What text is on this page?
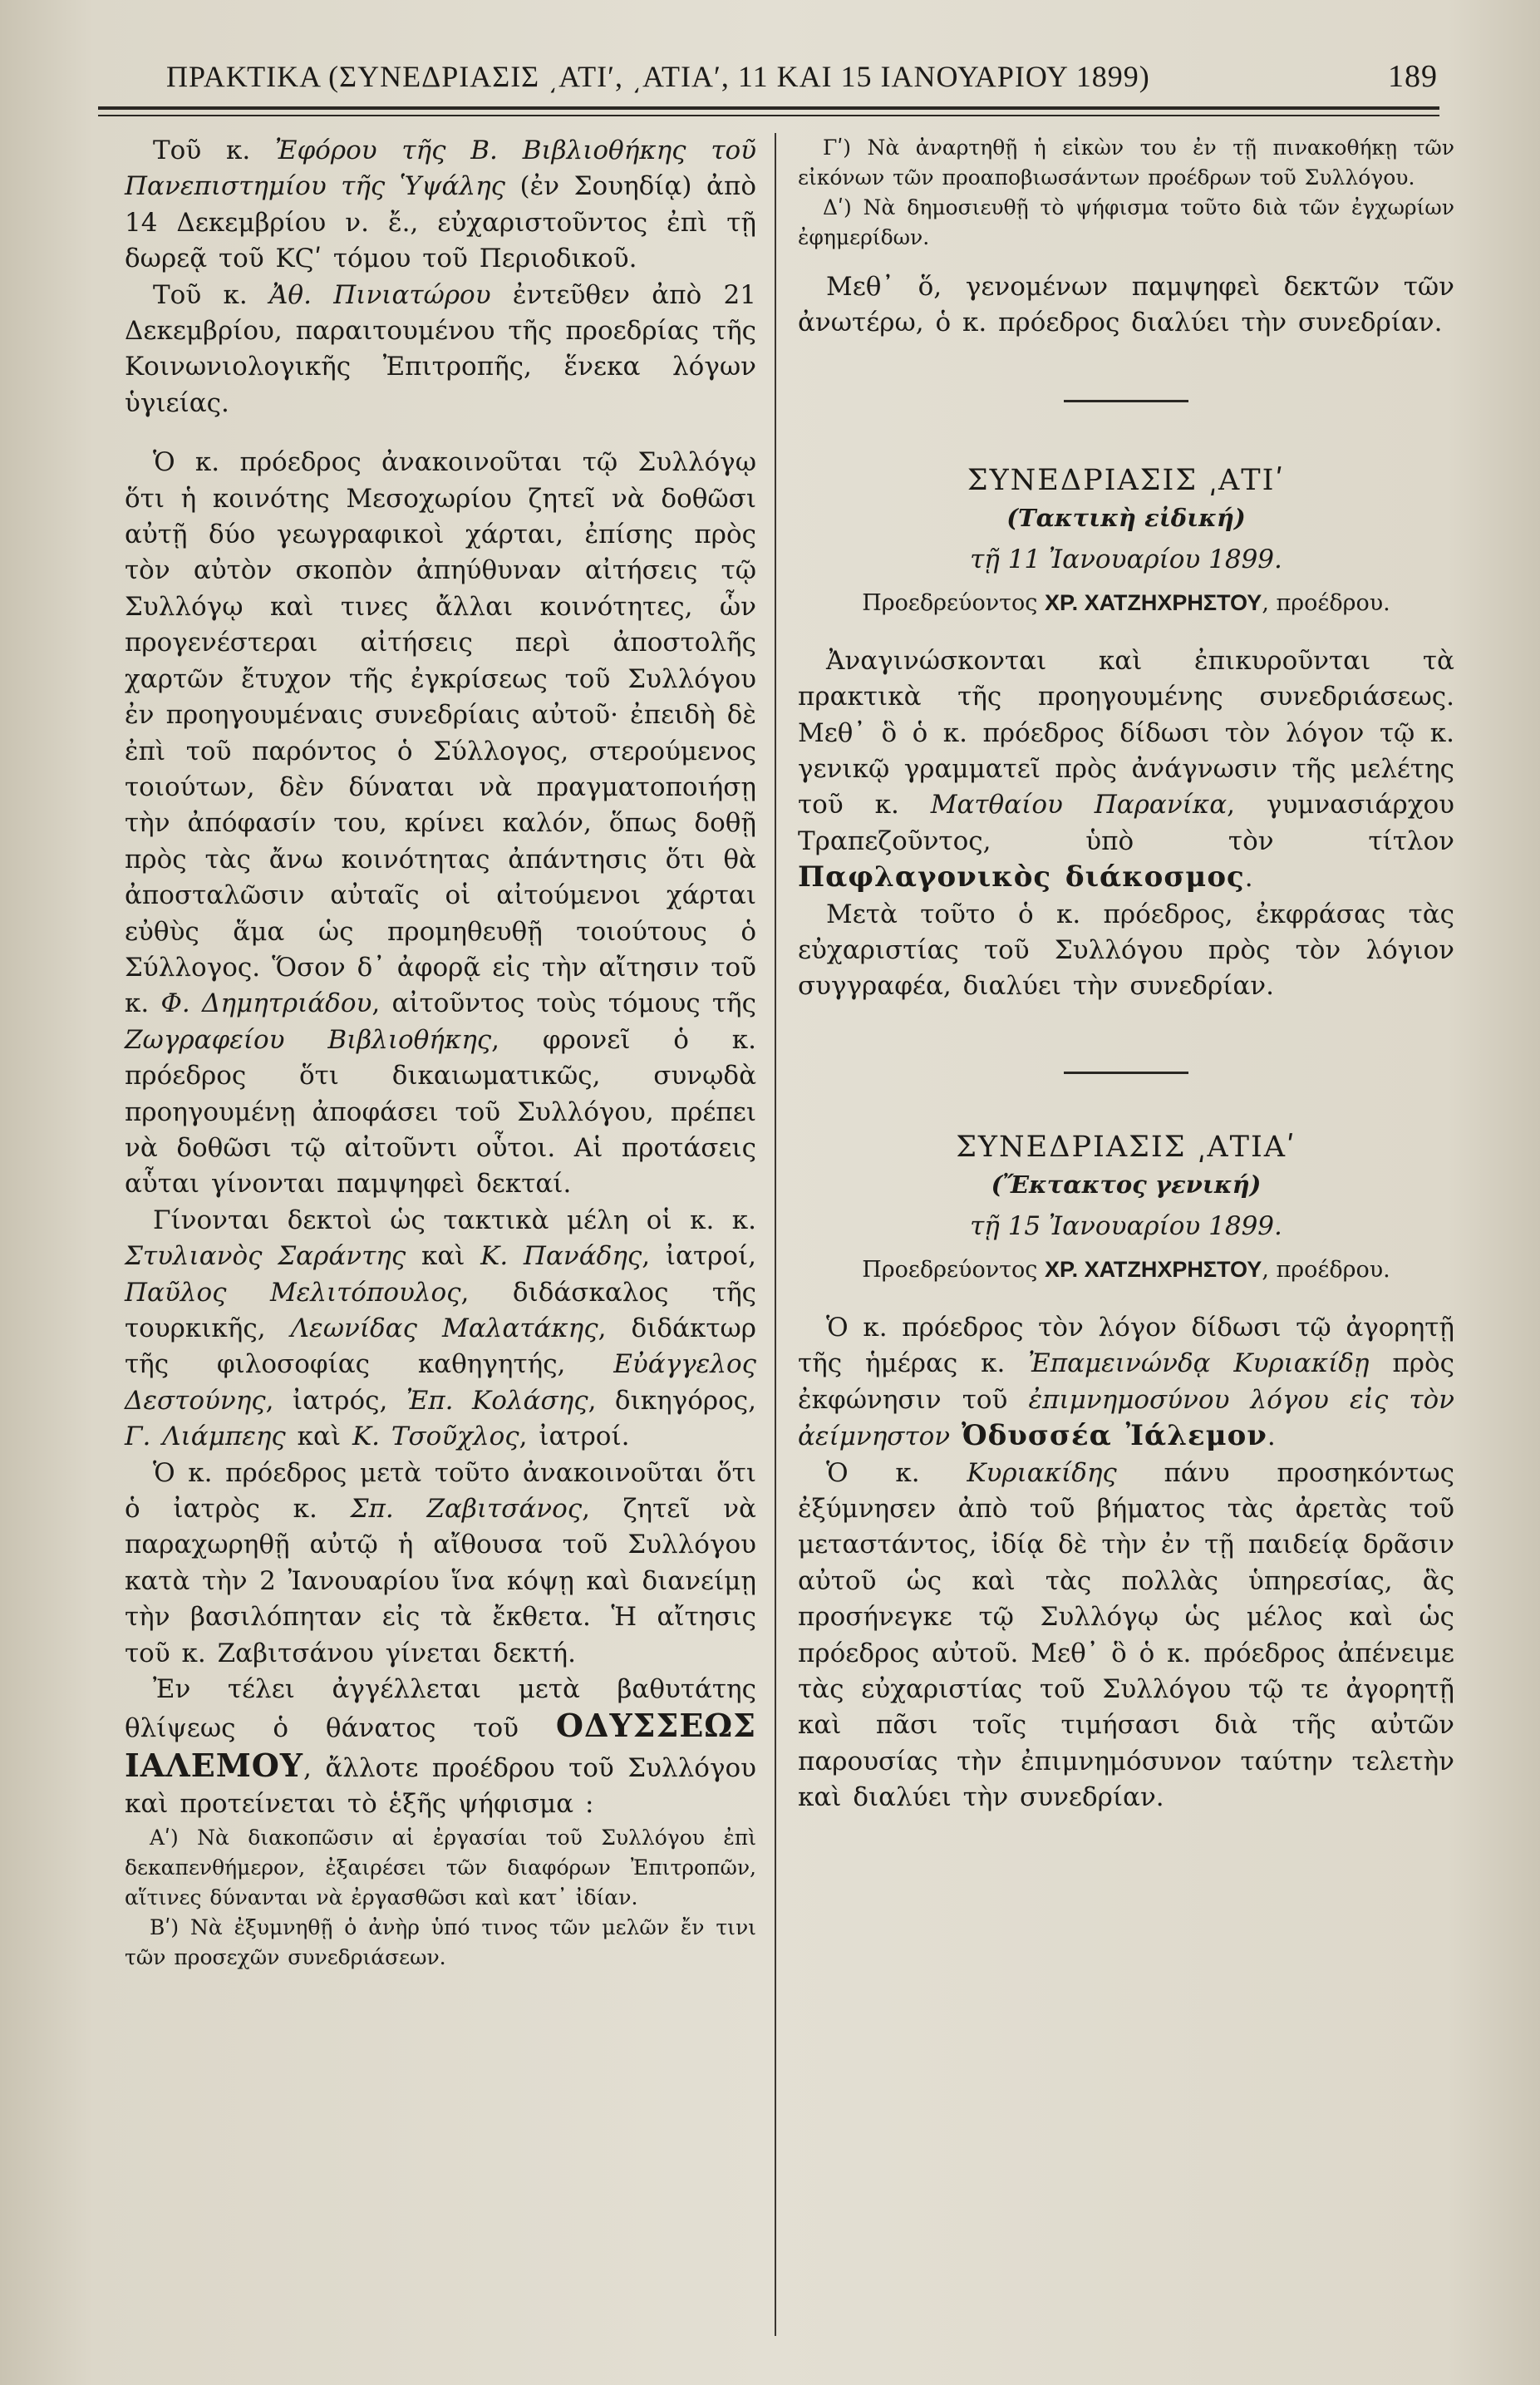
ΠΡΑΚΤΙΚΑ (ΣΥΝΕΔΡΙΑΣΙΣ ͵ΑΤΙʹ, ͵ΑΤΙΑʹ, 11 ΚΑΙ 15 ΙΑΝΟΥΑΡΙΟΥ 1899)	189

Τοῦ κ. Ἐφόρου τῆς Β. Βιβλιοθήκης τοῦ Πανεπιστημίου τῆς Ὑψάλης (ἐν Σουηδίᾳ) ἀπὸ 14 Δεκεμβρίου ν. ἔ., εὐχαριστοῦντος ἐπὶ τῇ δωρεᾷ τοῦ ΚϚʹ τόμου τοῦ Περιοδικοῦ.

Τοῦ κ. Ἀθ. Πινιατώρου ἐντεῦθεν ἀπὸ 21 Δεκεμβρίου, παραιτουμένου τῆς προεδρίας τῆς Κοινωνιολογικῆς Ἐπιτροπῆς, ἕνεκα λόγων ὑγιείας.

Ὁ κ. πρόεδρος ἀνακοινοῦται τῷ Συλλόγῳ ὅτι ἡ κοινότης Μεσοχωρίου ζητεῖ νὰ δοθῶσι αὐτῇ δύο γεωγραφικοὶ χάρται, ἐπίσης πρὸς τὸν αὐτὸν σκοπὸν ἀπηύθυναν αἰτήσεις τῷ Συλλόγῳ καὶ τινες ἄλλαι κοινότητες, ὧν προγενέστεραι αἰτήσεις περὶ ἀποστολῆς χαρτῶν ἔτυχον τῆς ἐγκρίσεως τοῦ Συλλόγου ἐν προηγουμέναις συνεδρίαις αὐτοῦ· ἐπειδὴ δὲ ἐπὶ τοῦ παρόντος ὁ Σύλλογος, στερούμενος τοιούτων, δὲν δύναται νὰ πραγματοποιήσῃ τὴν ἀπόφασίν του, κρίνει καλόν, ὅπως δοθῇ πρὸς τὰς ἄνω κοινότητας ἀπάντησις ὅτι θὰ ἀποσταλῶσιν αὐταῖς οἱ αἰτούμενοι χάρται εὐθὺς ἅμα ὡς προμηθευθῇ τοιούτους ὁ Σύλλογος. Ὅσον δ᾽ ἀφορᾷ εἰς τὴν αἴτησιν τοῦ κ. Φ. Δημητριάδου, αἰτοῦντος τοὺς τόμους τῆς Ζωγραφείου Βιβλιοθήκης, φρονεῖ ὁ κ. πρόεδρος ὅτι δικαιωματικῶς, συνῳδὰ προηγουμένῃ ἀποφάσει τοῦ Συλλόγου, πρέπει νὰ δοθῶσι τῷ αἰτοῦντι οὗτοι. Αἱ προτάσεις αὗται γίνονται παμψηφεὶ δεκταί.

Γίνονται δεκτοὶ ὡς τακτικὰ μέλη οἱ κ. κ. Στυλιανὸς Σαράντης καὶ Κ. Πανάδης, ἰατροί, Παῦλος Μελιτόπουλος, διδάσκαλος τῆς τουρκικῆς, Λεωνίδας Μαλατάκης, διδάκτωρ τῆς φιλοσοφίας καθηγητής, Εὐάγγελος Δεστούνης, ἰατρός, Ἐπ. Κολάσης, δικηγόρος, Γ. Λιάμπεης καὶ Κ. Τσοῦχλος, ἰατροί.

Ὁ κ. πρόεδρος μετὰ τοῦτο ἀνακοινοῦται ὅτι ὁ ἰατρὸς κ. Σπ. Ζαβιτσάνος, ζητεῖ νὰ παραχωρηθῇ αὐτῷ ἡ αἴθουσα τοῦ Συλλόγου κατὰ τὴν 2 Ἰανουαρίου ἵνα κόψῃ καὶ διανείμῃ τὴν βασιλόπηταν εἰς τὰ ἔκθετα. Ἡ αἴτησις τοῦ κ. Ζαβιτσάνου γίνεται δεκτή.

Ἐν τέλει ἀγγέλλεται μετὰ βαθυτάτης θλίψεως ὁ θάνατος τοῦ ΟΔΥΣΣΕΩΣ ΙΑΛΕΜΟΥ, ἄλλοτε προέδρου τοῦ Συλλόγου καὶ προτείνεται τὸ ἑξῆς ψήφισμα :

Αʹ) Νὰ διακοπῶσιν αἱ ἐργασίαι τοῦ Συλλόγου ἐπὶ δεκαπενθήμερον, ἐξαιρέσει τῶν διαφόρων Ἐπιτροπῶν, αἵτινες δύνανται νὰ ἐργασθῶσι καὶ κατ᾽ ἰδίαν.

Βʹ) Νὰ ἐξυμνηθῇ ὁ ἀνὴρ ὑπό τινος τῶν μελῶν ἔν τινι τῶν προσεχῶν συνεδριάσεων.

Γʹ) Νὰ ἀναρτηθῇ ἡ εἰκὼν του ἐν τῇ πινακοθήκῃ τῶν εἰκόνων τῶν προαποβιωσάντων προέδρων τοῦ Συλλόγου.

Δʹ) Νὰ δημοσιευθῇ τὸ ψήφισμα τοῦτο διὰ τῶν ἐγχωρίων ἐφημερίδων.

Μεθ᾽ ὅ, γενομένων παμψηφεὶ δεκτῶν τῶν ἀνωτέρω, ὁ κ. πρόεδρος διαλύει τὴν συνεδρίαν.

ΣΥΝΕΔΡΙΑΣΙΣ ͵ΑΤΙʹ

(Τακτικὴ εἰδική)

τῇ 11 Ἰανουαρίου 1899.

Προεδρεύοντος ΧΡ. ΧΑΤΖΗΧΡΗΣΤΟΥ, προέδρου.

Ἀναγινώσκονται καὶ ἐπικυροῦνται τὰ πρακτικὰ τῆς προηγουμένης συνεδριάσεως. Μεθ᾽ ὃ ὁ κ. πρόεδρος δίδωσι τὸν λόγον τῷ κ. γενικῷ γραμματεῖ πρὸς ἀνάγνωσιν τῆς μελέτης τοῦ κ. Ματθαίου Παρανίκα, γυμνασιάρχου Τραπεζοῦντος, ὑπὸ τὸν τίτλον Παφλαγονικὸς διάκοσμος.

Μετὰ τοῦτο ὁ κ. πρόεδρος, ἐκφράσας τὰς εὐχαριστίας τοῦ Συλλόγου πρὸς τὸν λόγιον συγγραφέα, διαλύει τὴν συνεδρίαν.

ΣΥΝΕΔΡΙΑΣΙΣ ͵ΑΤΙΑʹ

(Ἔκτακτος γενική)

τῇ 15 Ἰανουαρίου 1899.

Προεδρεύοντος ΧΡ. ΧΑΤΖΗΧΡΗΣΤΟΥ, προέδρου.

Ὁ κ. πρόεδρος τὸν λόγον δίδωσι τῷ ἀγορητῇ τῆς ἡμέρας κ. Ἐπαμεινώνδᾳ Κυριακίδῃ πρὸς ἐκφώνησιν τοῦ ἐπιμνημοσύνου λόγου εἰς τὸν ἀείμνηστον Ὀδυσσέα Ἰάλεμον.

Ὁ κ. Κυριακίδης πάνυ προσηκόντως ἐξύμνησεν ἀπὸ τοῦ βήματος τὰς ἀρετὰς τοῦ μεταστάντος, ἰδίᾳ δὲ τὴν ἐν τῇ παιδείᾳ δρᾶσιν αὐτοῦ ὡς καὶ τὰς πολλὰς ὑπηρεσίας, ἃς προσήνεγκε τῷ Συλλόγῳ ὡς μέλος καὶ ὡς πρόεδρος αὐτοῦ. Μεθ᾽ ὃ ὁ κ. πρόεδρος ἀπένειμε τὰς εὐχαριστίας τοῦ Συλλόγου τῷ τε ἀγορητῇ καὶ πᾶσι τοῖς τιμήσασι διὰ τῆς αὐτῶν παρουσίας τὴν ἐπιμνημόσυνον ταύτην τελετὴν καὶ διαλύει τὴν συνεδρίαν.
